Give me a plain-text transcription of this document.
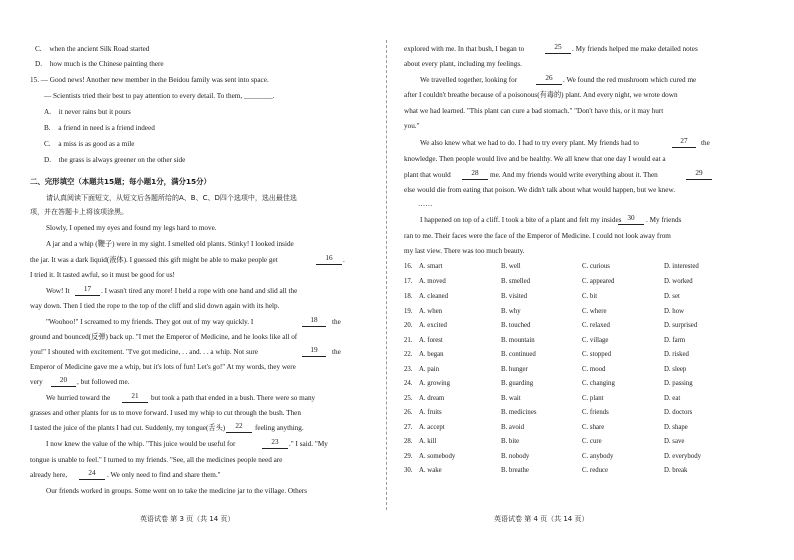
C. when the ancient Silk Road started
D. how much is the Chinese painting there
15. — Good news! Another new member in the Beidou family was sent into space.
— Scientists tried their best to pay attention to every detail. To them, ________.
A. it never rains but it pours
B. a friend in need is a friend indeed
C. a miss is as good as a mile
D. the grass is always greener on the other side
二、完形填空（本题共15题；每小题1分，满分15分）
请认真阅读下面短文，从短文后各题所给的A、B、C、D四个选项中，选出最佳选
项，并在答题卡上将该项涂黑。
Slowly, I opened my eyes and found my legs hard to move.
A jar and a whip (鞭子) were in my sight. I smelled old plants. Stinky! I looked inside
the jar. It was a dark liquid(液体). I guessed this gift might be able to make people get	16	.
I tried it. It tasted awful, so it must be good for us!
Wow! It	17	. I wasn't tired any more! I held a rope with one hand and slid all the
way down. Then I tied the rope to the top of the cliff and slid down again with its help.
"Woohoo!" I screamed to my friends. They got out of my way quickly. I	18	the
ground and bounced(反弹) back up. "I met the Emperor of Medicine, and he looks like all of
you!" I shouted with excitement. "I've got medicine, . . and. . . a whip. Not sure	19	the
Emperor of Medicine gave me a whip, but it's lots of fun! Let's go!" At my words, they were
very	20	, but followed me.
We hurried toward the	21	but took a path that ended in a bush. There were so many
grasses and other plants for us to move forward. I used my whip to cut through the bush. Then
I tasted the juice of the plants I had cut. Suddenly, my tongue(舌头)	22	feeling anything.
I now knew the value of the whip. "This juice would be useful for	23	." I said. "My
tongue is unable to feel." I turned to my friends. "See, all the medicines people need are
already here,	24	. We only need to find and share them."
Our friends worked in groups. Some went on to take the medicine jar to the village. Others
英语试卷 第 3 页（共 14 页）
explored with me. In that bush, I began to	25	. My friends helped me make detailed notes
about every plant, including my feelings.
We travelled together, looking for	26	. We found the red mushroom which cured me
after I couldn't breathe because of a poisonous(有毒的) plant. And every night, we wrote down
what we had learned. "This plant can cure a bad stomach." "Don't have this, or it may hurt
you."
We also knew what we had to do. I had to try every plant. My friends had to	27	the
knowledge. Then people would live and be healthy. We all knew that one day I would eat a
plant that would	28	me. And my friends would write everything about it. Then	29
else would die from eating that poison. We didn't talk about what would happen, but we knew.
……
I happened on top of a cliff. I took a bite of a plant and felt my insides 30	. My friends
ran to me. Their faces were the face of the Emperor of Medicine. I could not look away from
my last view. There was too much beauty.
16. A. smart	B. well	C. curious	D. interested
17. A. moved	B. smelled	C. appeared	D. worked
18. A. cleaned	B. visited	C. bit	D. set
19. A. when	B. why	C. where	D. how
20. A. excited	B. touched	C. relaxed	D. surprised
21. A. forest	B. mountain	C. village	D. farm
22. A. began	B. continued	C. stopped	D. risked
23. A. pain	B. hunger	C. mood	D. sleep
24. A. growing	B. guarding	C. changing	D. passing
25. A. dream	B. wait	C. plant	D. eat
26. A. fruits	B. medicines	C. friends	D. doctors
27. A. accept	B. avoid	C. share	D. shape
28. A. kill	B. bite	C. cure	D. save
29. A. somebody	B. nobody	C. anybody	D. everybody
30. A. wake	B. breathe	C. reduce	D. break
英语试卷 第 4 页（共 14 页）
